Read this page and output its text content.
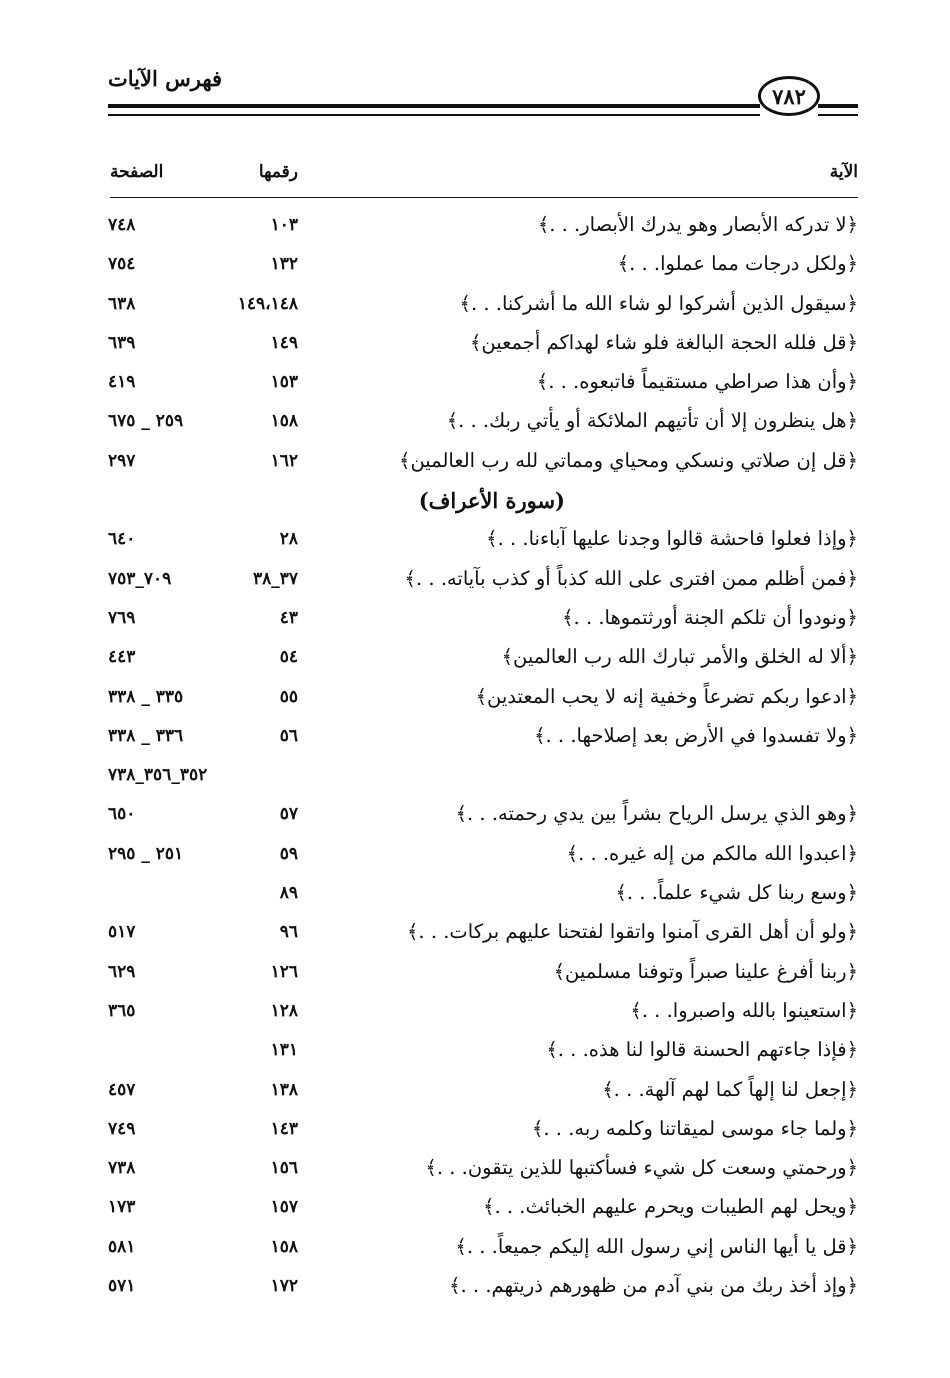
فهرس الآيات
٧٨٢
الآية
رقمها
الصفحة
﴿لا تدركه الأبصار وهو يدرك الأبصار. . .﴾
١٠٣
٧٤٨
﴿ولكل درجات مما عملوا. . .﴾
١٣٢
٧٥٤
﴿سيقول الذين أشركوا لو شاء الله ما أشركنا. . .﴾
١٤٩،١٤٨
٦٣٨
﴿قل فلله الحجة البالغة فلو شاء لهداكم أجمعين﴾
١٤٩
٦٣٩
﴿وأن هذا صراطي مستقيماً فاتبعوه. . .﴾
١٥٣
٤١٩
﴿هل ينظرون إلا أن تأتيهم الملائكة أو يأتي ربك. . .﴾
١٥٨
٢٥٩ _ ٦٧٥
﴿قل إن صلاتي ونسكي ومحياي ومماتي لله رب العالمين﴾
١٦٢
٢٩٧
(سورة الأعراف)
﴿وإذا فعلوا فاحشة قالوا وجدنا عليها آباءنا. . .﴾
٢٨
٦٤٠
﴿فمن أظلم ممن افترى على الله كذباً أو كذب بآياته. . .﴾
٣٧_٣٨
٧٠٩_٧٥٣
﴿ونودوا أن تلكم الجنة أورثتموها. . .﴾
٤٣
٧٦٩
﴿ألا له الخلق والأمر تبارك الله رب العالمين﴾
٥٤
٤٤٣
﴿ادعوا ربكم تضرعاً وخفية إنه لا يحب المعتدين﴾
٥٥
٣٣٥ _ ٣٣٨
﴿ولا تفسدوا في الأرض بعد إصلاحها. . .﴾
٥٦
٣٣٦ _ ٣٣٨
٣٥٢_٣٥٦_٧٣٨
﴿وهو الذي يرسل الرياح بشراً بين يدي رحمته. . .﴾
٥٧
٦٥٠
﴿اعبدوا الله مالكم من إله غيره. . .﴾
٥٩
٢٥١ _ ٢٩٥
﴿وسع ربنا كل شيء علماً. . .﴾
٨٩
﴿ولو أن أهل القرى آمنوا واتقوا لفتحنا عليهم بركات. . .﴾
٩٦
٥١٧
﴿ربنا أفرغ علينا صبراً وتوفنا مسلمين﴾
١٢٦
٦٢٩
﴿استعينوا بالله واصبروا. . .﴾
١٢٨
٣٦٥
﴿فإذا جاءتهم الحسنة قالوا لنا هذه. . .﴾
١٣١
﴿إجعل لنا إلهاً كما لهم آلهة. . .﴾
١٣٨
٤٥٧
﴿ولما جاء موسى لميقاتنا وكلمه ربه. . .﴾
١٤٣
٧٤٩
﴿ورحمتي وسعت كل شيء فسأكتبها للذين يتقون. . .﴾
١٥٦
٧٣٨
﴿ويحل لهم الطيبات ويحرم عليهم الخبائث. . .﴾
١٥٧
١٧٣
﴿قل يا أيها الناس إني رسول الله إليكم جميعاً. . .﴾
١٥٨
٥٨١
﴿وإذ أخذ ربك من بني آدم من ظهورهم ذريتهم. . .﴾
١٧٢
٥٧١
